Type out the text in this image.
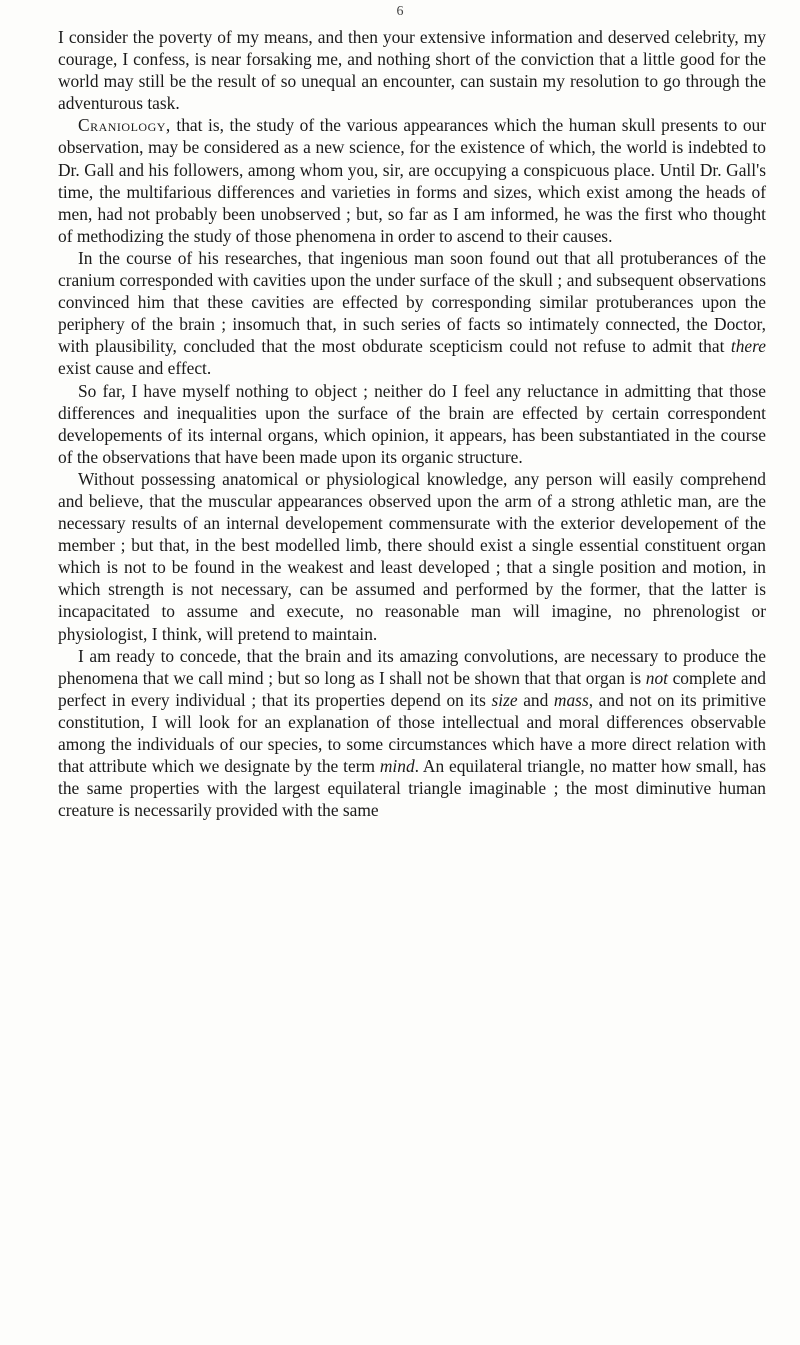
6

I consider the poverty of my means, and then your extensive information and deserved celebrity, my courage, I confess, is near forsaking me, and nothing short of the conviction that a little good for the world may still be the result of so unequal an encounter, can sustain my resolution to go through the adventurous task.

Craniology, that is, the study of the various appearances which the human skull presents to our observation, may be considered as a new science, for the existence of which, the world is indebted to Dr. Gall and his followers, among whom you, sir, are occupying a conspicuous place. Until Dr. Gall's time, the multifarious differences and varieties in forms and sizes, which exist among the heads of men, had not probably been unobserved ; but, so far as I am informed, he was the first who thought of methodizing the study of those phenomena in order to ascend to their causes.

In the course of his researches, that ingenious man soon found out that all protuberances of the cranium corresponded with cavities upon the under surface of the skull ; and subsequent observations convinced him that these cavities are effected by corresponding similar protuberances upon the periphery of the brain ; insomuch that, in such series of facts so intimately connected, the Doctor, with plausibility, concluded that the most obdurate scepticism could not refuse to admit that there exist cause and effect.

So far, I have myself nothing to object ; neither do I feel any reluctance in admitting that those differences and inequalities upon the surface of the brain are effected by certain correspondent developements of its internal organs, which opinion, it appears, has been substantiated in the course of the observations that have been made upon its organic structure.

Without possessing anatomical or physiological knowledge, any person will easily comprehend and believe, that the muscular appearances observed upon the arm of a strong athletic man, are the necessary results of an internal developement commensurate with the exterior developement of the member ; but that, in the best modelled limb, there should exist a single essential constituent organ which is not to be found in the weakest and least developed ; that a single position and motion, in which strength is not necessary, can be assumed and performed by the former, that the latter is incapacitated to assume and execute, no reasonable man will imagine, no phrenologist or physiologist, I think, will pretend to maintain.

I am ready to concede, that the brain and its amazing convolutions, are necessary to produce the phenomena that we call mind ; but so long as I shall not be shown that that organ is not complete and perfect in every individual ; that its properties depend on its size and mass, and not on its primitive constitution, I will look for an explanation of those intellectual and moral differences observable among the individuals of our species, to some circumstances which have a more direct relation with that attribute which we designate by the term mind. An equilateral triangle, no matter how small, has the same properties with the largest equilateral triangle imaginable ; the most diminutive human creature is necessarily provided with the same
